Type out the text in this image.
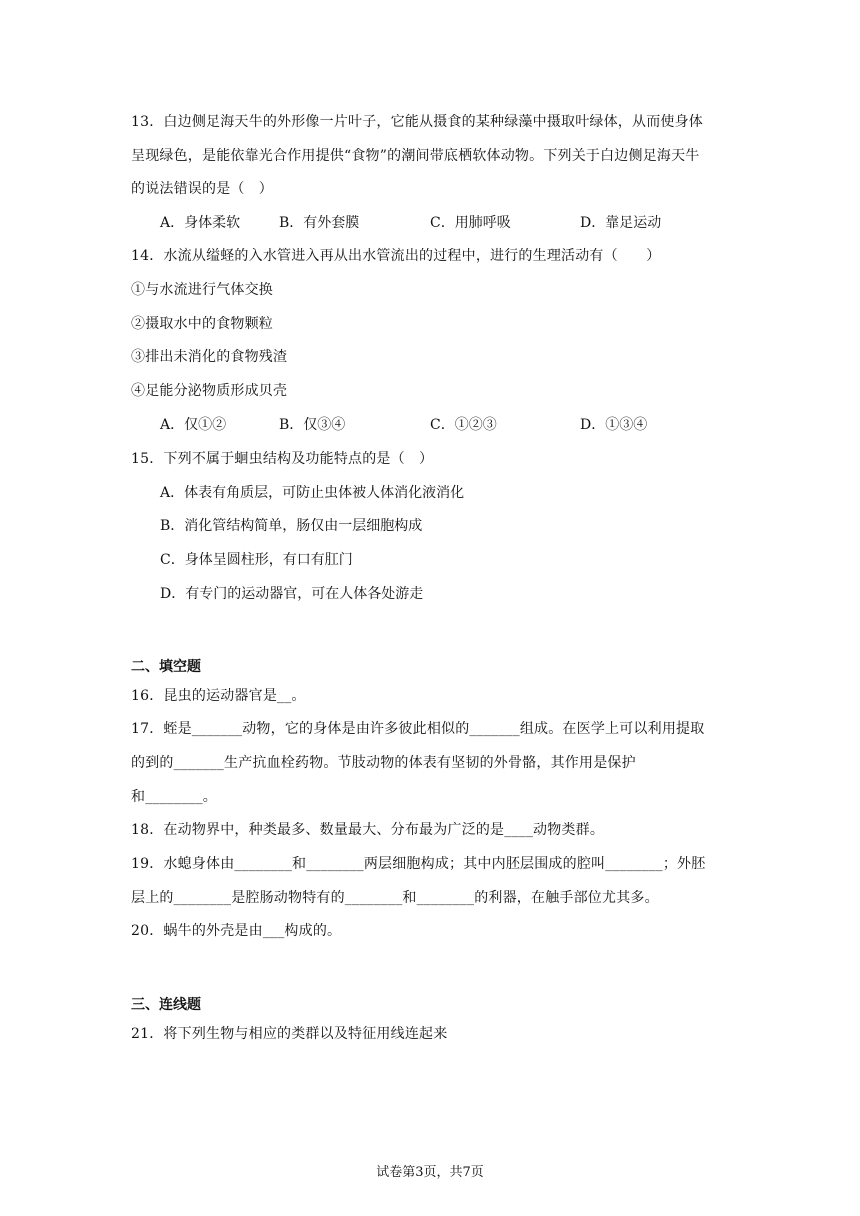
13．白边侧足海天牛的外形像一片叶子，它能从摄食的某种绿藻中摄取叶绿体，从而使身体
呈现绿色，是能依靠光合作用提供“食物”的潮间带底栖软体动物。下列关于白边侧足海天牛
的说法错误的是（　）
A．身体柔软	B．有外套膜	C．用肺呼吸	D．靠足运动
14．水流从缢蛏的入水管进入再从出水管流出的过程中，进行的生理活动有（　　）
①与水流进行气体交换
②摄取水中的食物颗粒
③排出未消化的食物残渣
④足能分泌物质形成贝壳
A．仅①②	B．仅③④	C．①②③	D．①③④
15．下列不属于蛔虫结构及功能特点的是（　）
A．体表有角质层，可防止虫体被人体消化液消化
B．消化管结构简单，肠仅由一层细胞构成
C．身体呈圆柱形，有口有肛门
D．有专门的运动器官，可在人体各处游走
二、填空题
16．昆虫的运动器官是__。
17．蛭是_______动物，它的身体是由许多彼此相似的_______组成。在医学上可以利用提取
的到的_______生产抗血栓药物。节肢动物的体表有坚韧的外骨骼，其作用是保护
和________。
18．在动物界中，种类最多、数量最大、分布最为广泛的是____动物类群。
19．水螅身体由________和________两层细胞构成；其中内胚层围成的腔叫________；外胚
层上的________是腔肠动物特有的________和________的利器，在触手部位尤其多。
20．蜗牛的外壳是由___构成的。
三、连线题
21．将下列生物与相应的类群以及特征用线连起来
试卷第3页，共7页
